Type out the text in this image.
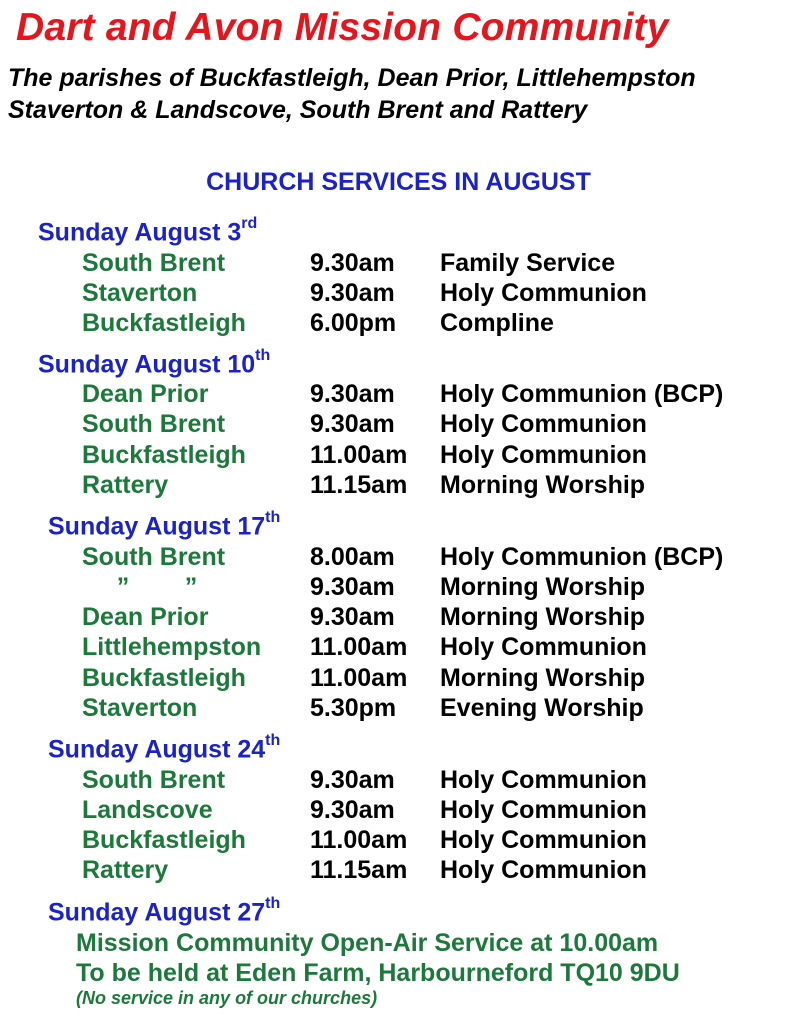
Dart and Avon Mission Community
The parishes of Buckfastleigh, Dean Prior, Littlehempston
Staverton & Landscove, South Brent and Rattery
CHURCH SERVICES IN AUGUST
Sunday August 3rd
South Brent	9.30am Family Service
Staverton	9.30am Holy Communion
Buckfastleigh	6.00pm Compline
Sunday August 10th
Dean Prior	9.30am Holy Communion (BCP)
South Brent	9.30am Holy Communion
Buckfastleigh	11.00am Holy Communion
Rattery	11.15am Morning Worship
Sunday August 17th
South Brent	8.00am Holy Communion (BCP)
”        ”	9.30am Morning Worship
Dean Prior	9.30am Morning Worship
Littlehempston 11.00am Holy Communion
Buckfastleigh	11.00am Morning Worship
Staverton	5.30pm Evening Worship
Sunday August 24th
South Brent	9.30am Holy Communion
Landscove	9.30am Holy Communion
Buckfastleigh	11.00am Holy Communion
Rattery	11.15am Holy Communion
Sunday August 27th
Mission Community Open-Air Service at 10.00am
To be held at Eden Farm, Harbourneford TQ10 9DU
(No service in any of our churches)
